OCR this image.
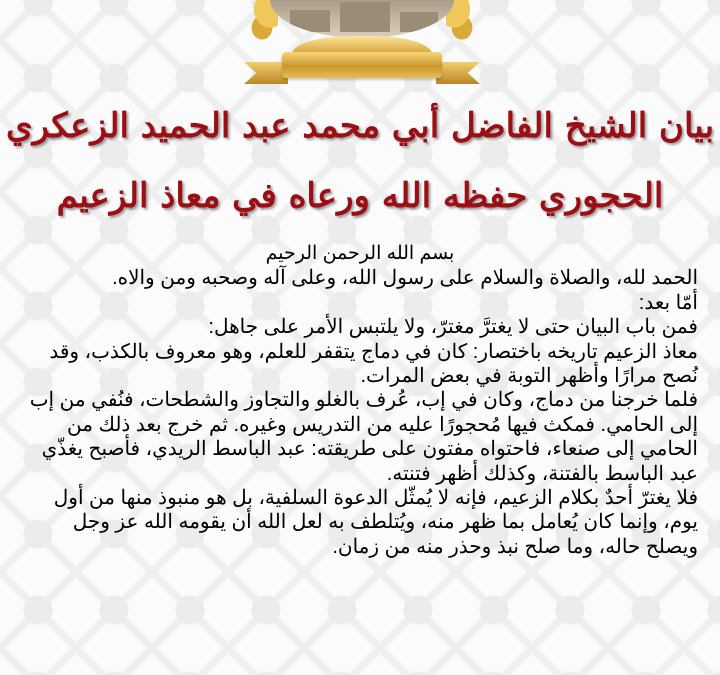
بيان الشيخ الفاضل أبي محمد عبد الحميد الزعكري
الحجوري حفظه الله ورعاه في معاذ الزعيم

بسم الله الرحمن الرحيم

الحمد لله، والصلاة والسلام على رسول الله، وعلى آله وصحبه ومن والاه.

أمّا بعد:

فمن باب البيان حتى لا يغترَّ مغترّ، ولا يلتبس الأمر على جاهل:

معاذ الزعيم تاريخه باختصار: كان في دماج يتقفر للعلم، وهو معروف بالكذب، وقد نُصح مرارًا وأظهر التوبة في بعض المرات.

فلما خرجنا من دماج، وكان في إب، عُرف بالغلو والتجاوز والشطحات، فنُفي من إب إلى الحامي. فمكث فيها مُحجورًا عليه من التدريس وغيره. ثم خرج بعد ذلك من الحامي إلى صنعاء، فاحتواه مفتون على طريقته: عبد الباسط الريدي، فأصبح يغذّي عبد الباسط بالفتنة، وكذلك أظهر فتنته.

فلا يغترّ أحدٌ بكلام الزعيم، فإنه لا يُمثّل الدعوة السلفية، بل هو منبوذ منها من أول يوم، وإنما كان يُعامل بما ظهر منه، ويُتلطف به لعل الله أن يقومه الله عز وجل ويصلح حاله، وما صلح نبذ وحذر منه من زمان.
